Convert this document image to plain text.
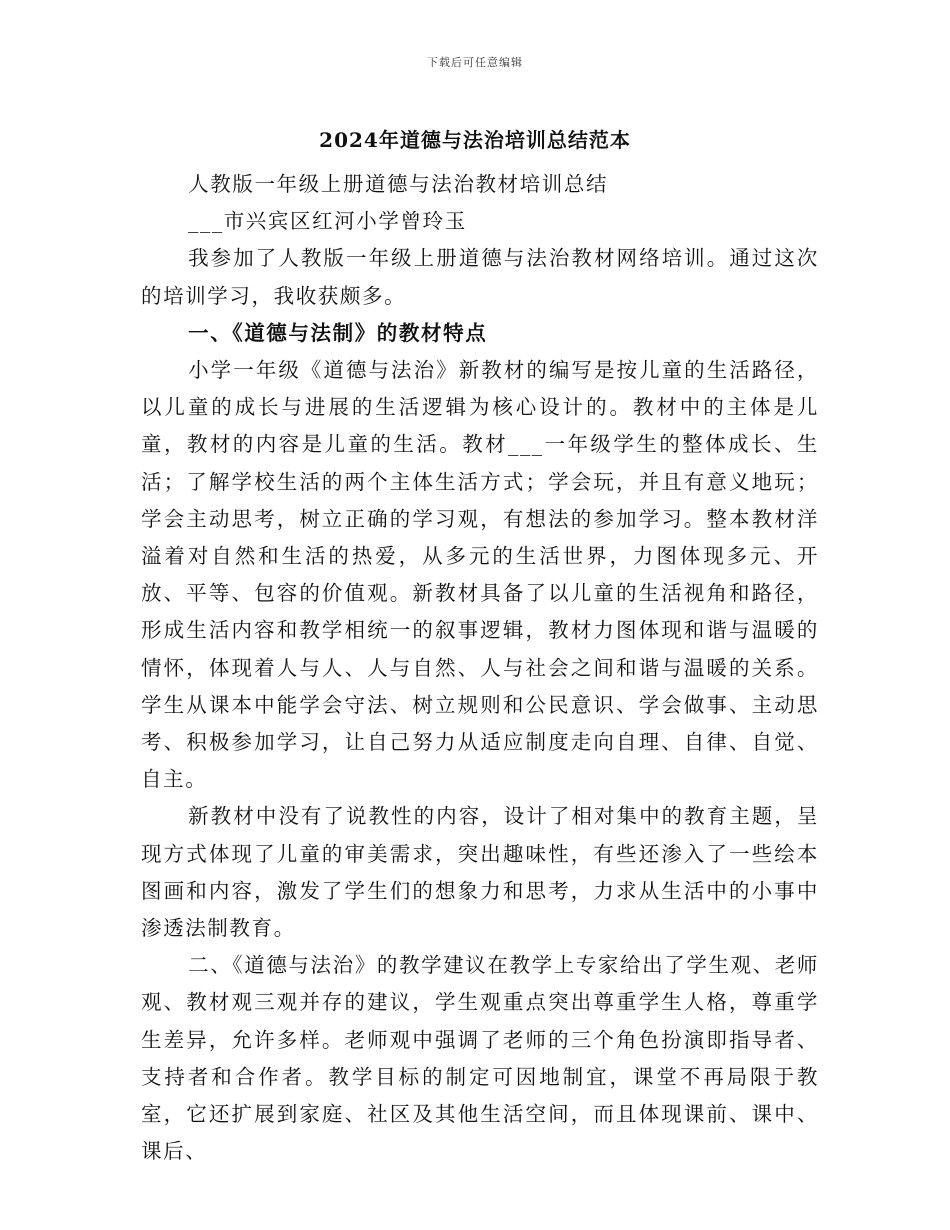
下载后可任意编辑
2024年道德与法治培训总结范本

人教版一年级上册道德与法治教材培训总结

___市兴宾区红河小学曾玲玉

我参加了人教版一年级上册道德与法治教材网络培训。通过这次的培训学习，我收获颇多。

一、《道德与法制》的教材特点

小学一年级《道德与法治》新教材的编写是按儿童的生活路径，以儿童的成长与进展的生活逻辑为核心设计的。教材中的主体是儿童，教材的内容是儿童的生活。教材___一年级学生的整体成长、生活；了解学校生活的两个主体生活方式；学会玩，并且有意义地玩；学会主动思考，树立正确的学习观，有想法的参加学习。整本教材洋溢着对自然和生活的热爱，从多元的生活世界，力图体现多元、开放、平等、包容的价值观。新教材具备了以儿童的生活视角和路径，形成生活内容和教学相统一的叙事逻辑，教材力图体现和谐与温暖的情怀，体现着人与人、人与自然、人与社会之间和谐与温暖的关系。学生从课本中能学会守法、树立规则和公民意识、学会做事、主动思考、积极参加学习，让自己努力从适应制度走向自理、自律、自觉、自主。

新教材中没有了说教性的内容，设计了相对集中的教育主题，呈现方式体现了儿童的审美需求，突出趣味性，有些还渗入了一些绘本图画和内容，激发了学生们的想象力和思考，力求从生活中的小事中渗透法制教育。

二、《道德与法治》的教学建议在教学上专家给出了学生观、老师观、教材观三观并存的建议，学生观重点突出尊重学生人格，尊重学生差异，允许多样。老师观中强调了老师的三个角色扮演即指导者、支持者和合作者。教学目标的制定可因地制宜，课堂不再局限于教室，它还扩展到家庭、社区及其他生活空间，而且体现课前、课中、课后、
